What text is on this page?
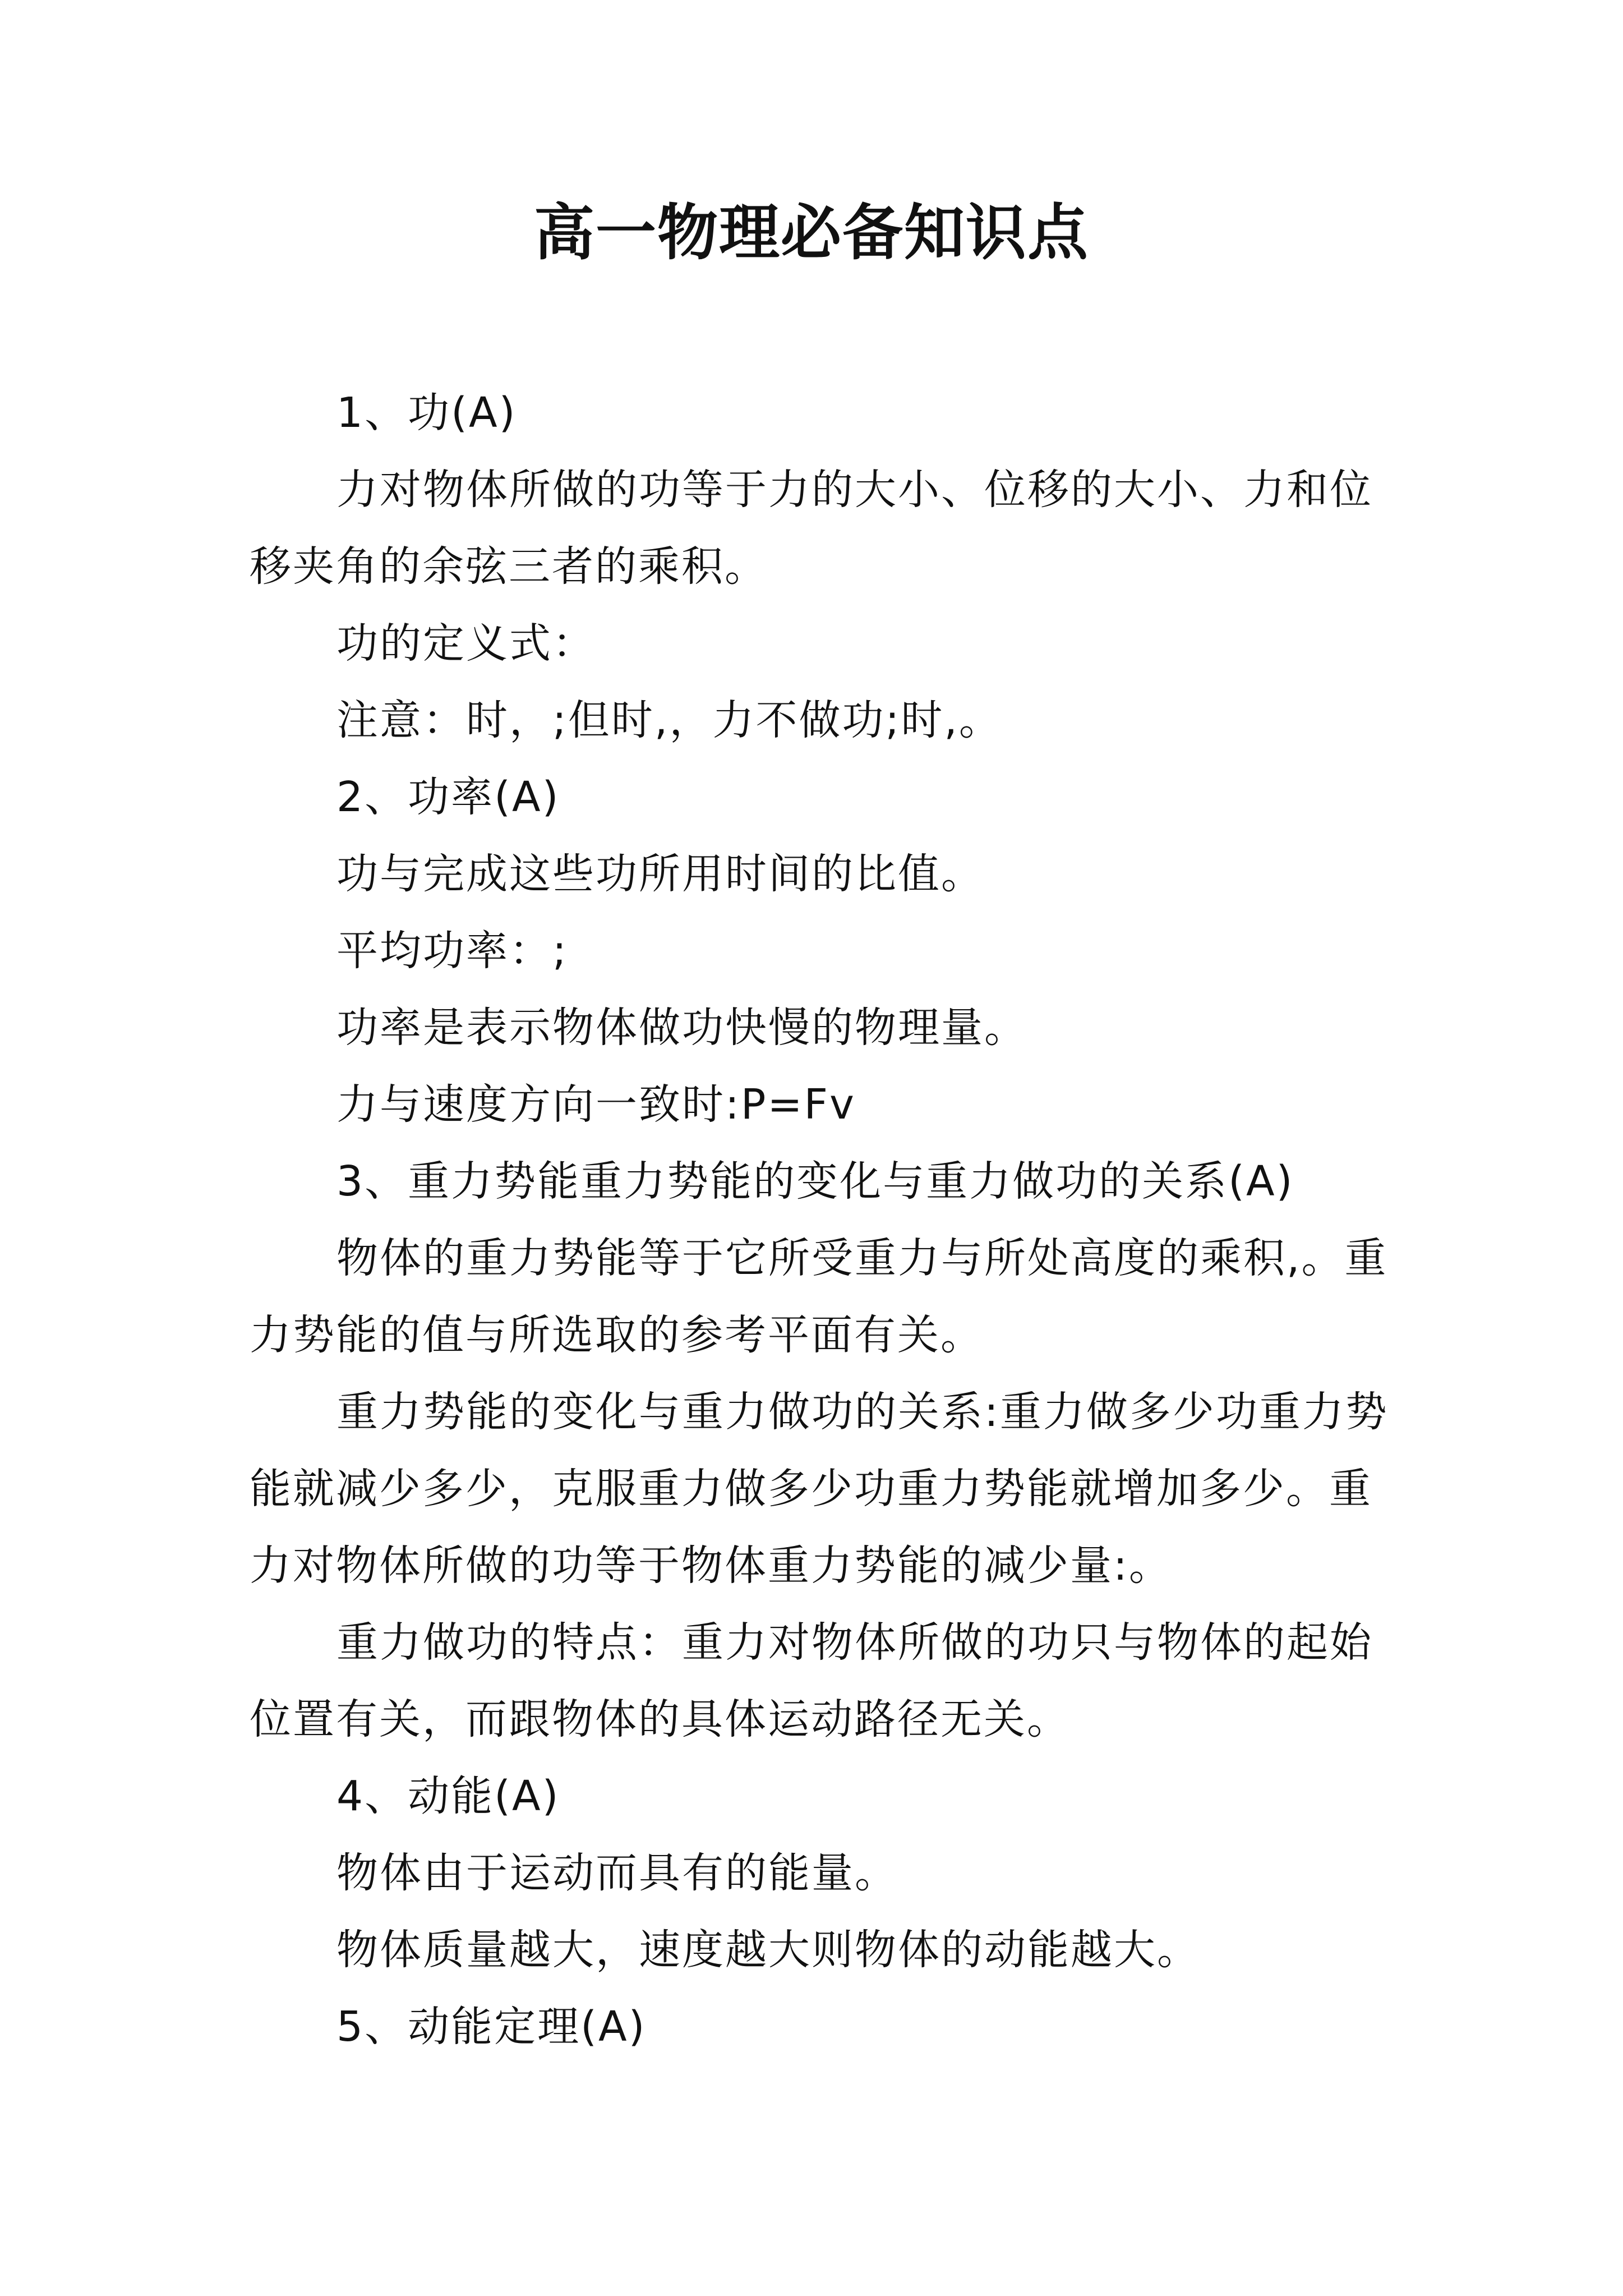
高一物理必备知识点

1、功(A)

力对物体所做的功等于力的大小、位移的大小、力和位移夹角的余弦三者的乘积。

功的定义式：

注意：时，;但时,，力不做功;时,。

2、功率(A)

功与完成这些功所用时间的比值。

平均功率：;

功率是表示物体做功快慢的物理量。

力与速度方向一致时:P=Fv

3、重力势能重力势能的变化与重力做功的关系(A)

物体的重力势能等于它所受重力与所处高度的乘积,。重力势能的值与所选取的参考平面有关。

重力势能的变化与重力做功的关系:重力做多少功重力势能就减少多少，克服重力做多少功重力势能就增加多少。重力对物体所做的功等于物体重力势能的减少量:。

重力做功的特点：重力对物体所做的功只与物体的起始位置有关，而跟物体的具体运动路径无关。

4、动能(A)

物体由于运动而具有的能量。

物体质量越大，速度越大则物体的动能越大。

5、动能定理(A)
